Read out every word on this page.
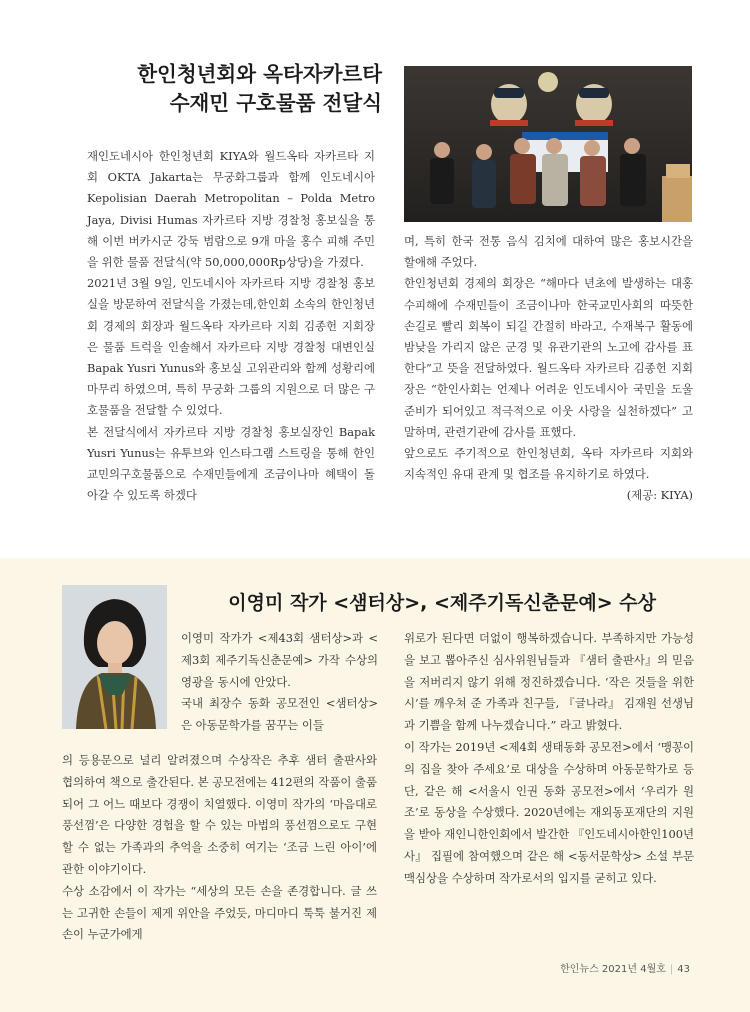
한인청년회와 옥타자카르타
수재민 구호물품 전달식

재인도네시아 한인청년회 KIYA와 월드옥타 자카르타 지회 OKTA Jakarta는 무궁화그룹과 함께 인도네시아 Kepolisian Daerah Metropolitan – Polda Metro Jaya, Divisi Humas 자카르타 지방 경찰청 홍보실을 통해 이번 버카시군 강둑 범람으로 9개 마을 홍수 피해 주민을 위한 물품 전달식(약 50,000,000Rp상당)을 가졌다.

2021년 3월 9일, 인도네시아 자카르타 지방 경찰청 홍보실을 방문하여 전달식을 가졌는데,한인회 소속의 한인청년회 경제의 회장과 월드옥타 자카르타 지회 김종헌 지회장은 물품 트럭을 인솔해서 자카르타 지방 경찰청 대변인실 Bapak Yusri Yunus와 홍보실 고위관리와 함께 성황리에 마무리 하였으며, 특히 무궁화 그룹의 지원으로 더 많은 구호물품을 전달할 수 있었다.

본 전달식에서 자카르타 지방 경찰청 홍보실장인 Bapak Yusri Yunus는 유투브와 인스타그램 스트링을 통해 한인교민의구호물품으로 수재민들에게 조금이나마 혜택이 돌아갈 수 있도록 하겠다

며, 특히 한국 전통 음식 김치에 대하여 많은 홍보시간을 할애해 주었다.

한인청년회 경제의 회장은 “해마다 년초에 발생하는 대홍수피해에 수재민들이 조금이나마 한국교민사회의 따뜻한 손길로 빨리 회복이 되길 간절히 바라고, 수재복구 활동에 밤낮을 가리지 않은 군경 및 유관기관의 노고에 감사를 표한다”고 뜻을 전달하였다. 월드옥타 자카르타 김종헌 지회장은 “한인사회는 언제나 어려운 인도네시아 국민을 도울 준비가 되어있고 적극적으로 이웃 사랑을 실천하겠다” 고 말하며, 관련기관에 감사를 표했다.

앞으로도 주기적으로 한인청년회, 옥타 자카르타 지회와 지속적인 유대 관계 및 협조를 유지하기로 하였다.
(제공: KIYA)

이영미 작가 <샘터상>, <제주기독신춘문예> 수상

이영미 작가가 <제43회 샘터상>과 <제3회 제주기독신춘문예> 가작 수상의 영광을 동시에 안았다.

국내 최장수 동화 공모전인 <샘터상>은 아동문학가를 꿈꾸는 이들

의 등용문으로 널리 알려졌으며 수상작은 추후 샘터 출판사와 협의하여 책으로 출간된다. 본 공모전에는 412편의 작품이 출품되어 그 어느 때보다 경쟁이 치열했다. 이영미 작가의 ‘마음대로 풍선껌’은 다양한 경험을 할 수 있는 마법의 풍선껌으로도 구현할 수 없는 가족과의 추억을 소중히 여기는 ‘조금 느린 아이’에 관한 이야기이다.

수상 소감에서 이 작가는 “세상의 모든 손을 존경합니다. 글 쓰는 고귀한 손들이 제게 위안을 주었듯, 마디마디 툭툭 불거진 제 손이 누군가에게

위로가 된다면 더없이 행복하겠습니다. 부족하지만 가능성을 보고 뽑아주신 심사위원님들과 『샘터 출판사』의 믿음을 저버리지 않기 위해 정진하겠습니다. ‘작은 것들을 위한 시’를 깨우쳐 준 가족과 친구들, 『글나라』 김재원 선생님과 기쁨을 함께 나누겠습니다.” 라고 밝혔다.

이 작가는 2019년 <제4회 생태동화 공모전>에서 ‘맹꽁이의 집을 찾아 주세요’로 대상을 수상하며 아동문학가로 등단, 같은 해 <서울시 인권 동화 공모전>에서 ‘우리가 원조’로 동상을 수상했다. 2020년에는 재외동포재단의 지원을 받아 재인니한인회에서 발간한 『인도네시아한인100년사』 집필에 참여했으며 같은 해 <동서문학상> 소설 부문 맥심상을 수상하며 작가로서의 입지를 굳히고 있다.

한인뉴스 2021년 4월호 | 43
